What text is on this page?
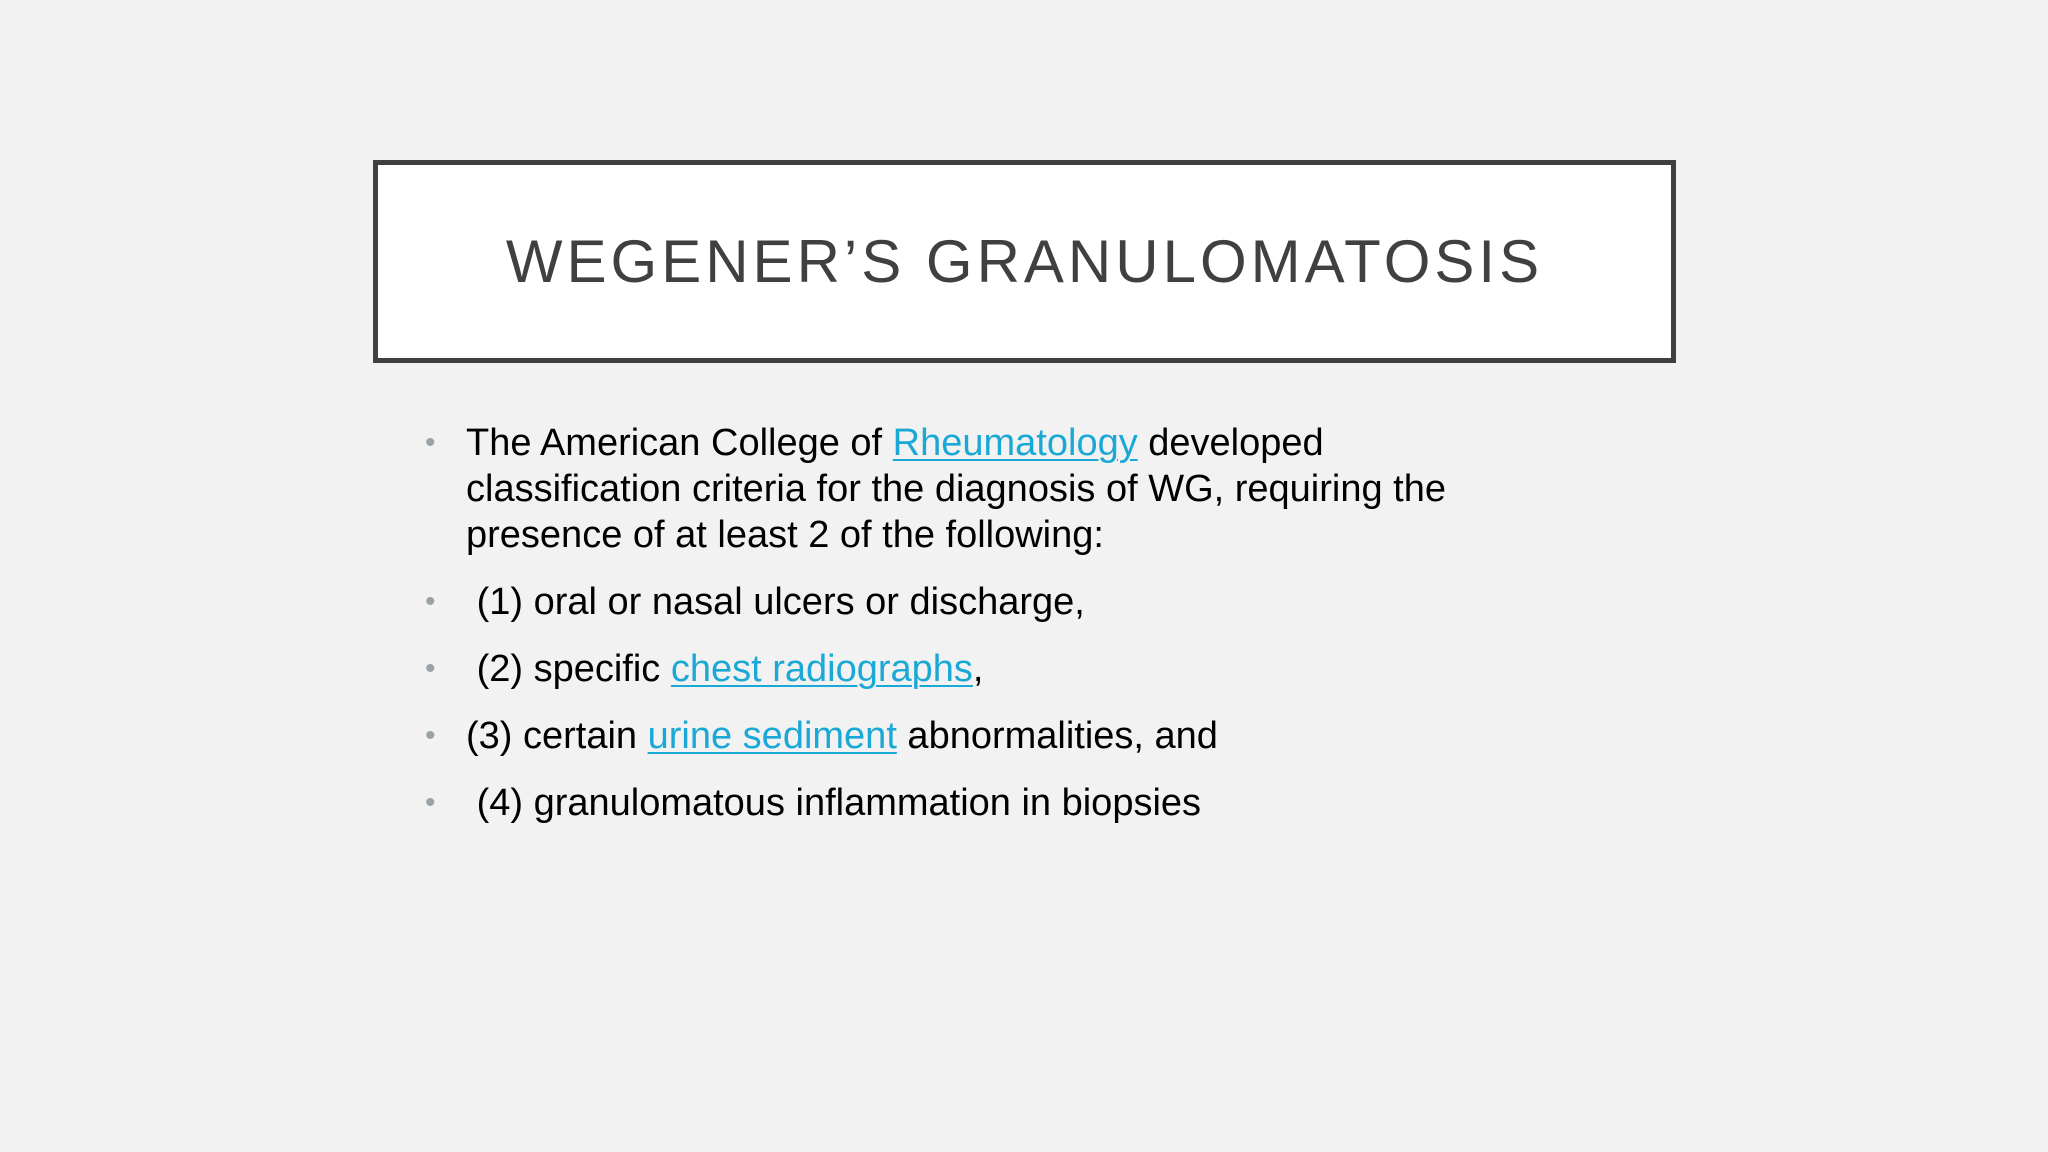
WEGENER’S GRANULOMATOSIS
• The American College of Rheumatology developed classification criteria for the diagnosis of WG, requiring the presence of at least 2 of the following:
• (1) oral or nasal ulcers or discharge,
• (2) specific chest radiographs,
• (3) certain urine sediment abnormalities, and
• (4) granulomatous inflammation in biopsies
